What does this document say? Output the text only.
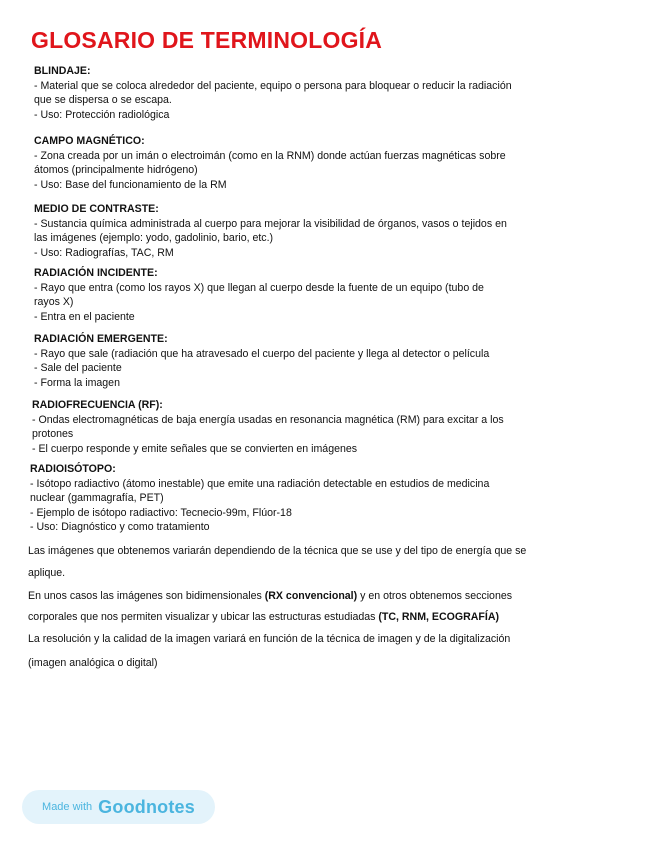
GLOSARIO DE TERMINOLOGÍA
BLINDAJE:
- Material que se coloca alrededor del paciente, equipo o persona para bloquear o reducir la radiación
que se dispersa o se escapa.
- Uso: Protección radiológica
CAMPO MAGNÉTICO:
- Zona creada por un imán o electroimán (como en la RNM) donde actúan fuerzas magnéticas sobre
átomos (principalmente hidrógeno)
- Uso: Base del funcionamiento de la RM
MEDIO DE CONTRASTE:
- Sustancia química administrada al cuerpo para mejorar la visibilidad de órganos, vasos o tejidos en
las imágenes (ejemplo: yodo, gadolinio, bario, etc.)
- Uso: Radiografías, TAC, RM
RADIACIÓN INCIDENTE:
- Rayo que entra (como los rayos X) que llegan al cuerpo desde la fuente de un equipo (tubo de
rayos X)
- Entra en el paciente
RADIACIÓN EMERGENTE:
- Rayo que sale (radiación que ha atravesado el cuerpo del paciente y llega al detector o película
- Sale del paciente
- Forma la imagen
RADIOFRECUENCIA (RF):
- Ondas electromagnéticas de baja energía usadas en resonancia magnética (RM) para excitar a los
protones
- El cuerpo responde y emite señales que se convierten en imágenes
RADIOISÓTOPO:
- Isótopo radiactivo (átomo inestable) que emite una radiación detectable en estudios de medicina
nuclear (gammagrafía, PET)
- Ejemplo de isótopo radiactivo: Tecnecio-99m, Flúor-18
- Uso: Diagnóstico y como tratamiento
Las imágenes que obtenemos variarán dependiendo de la técnica que se use y del tipo de energía que se
aplique.
En unos casos las imágenes son bidimensionales (RX convencional) y en otros obtenemos secciones
corporales que nos permiten visualizar y ubicar las estructuras estudiadas (TC, RNM, ECOGRAFÍA)
La resolución y la calidad de la imagen variará en función de la técnica de imagen y de la digitalización
(imagen analógica o digital)
Made with Goodnotes
